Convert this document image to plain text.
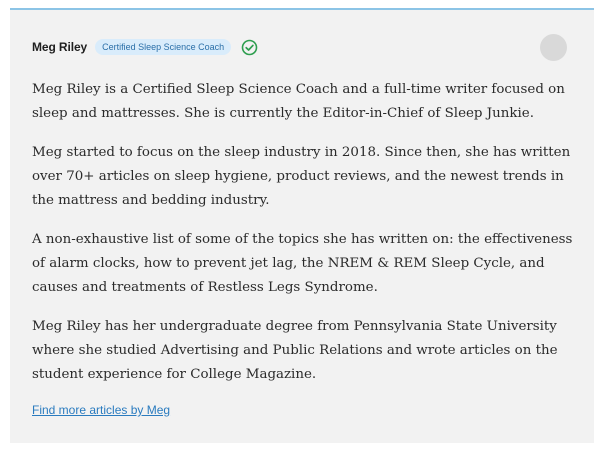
Meg Riley	Certified Sleep Science Coach

Meg Riley is a Certified Sleep Science Coach and a full-time writer focused on sleep and mattresses. She is currently the Editor-in-Chief of Sleep Junkie.

Meg started to focus on the sleep industry in 2018. Since then, she has written over 70+ articles on sleep hygiene, product reviews, and the newest trends in the mattress and bedding industry.

A non-exhaustive list of some of the topics she has written on: the effectiveness of alarm clocks, how to prevent jet lag, the NREM & REM Sleep Cycle, and causes and treatments of Restless Legs Syndrome.

Meg Riley has her undergraduate degree from Pennsylvania State University where she studied Advertising and Public Relations and wrote articles on the student experience for College Magazine.

Find more articles by Meg
